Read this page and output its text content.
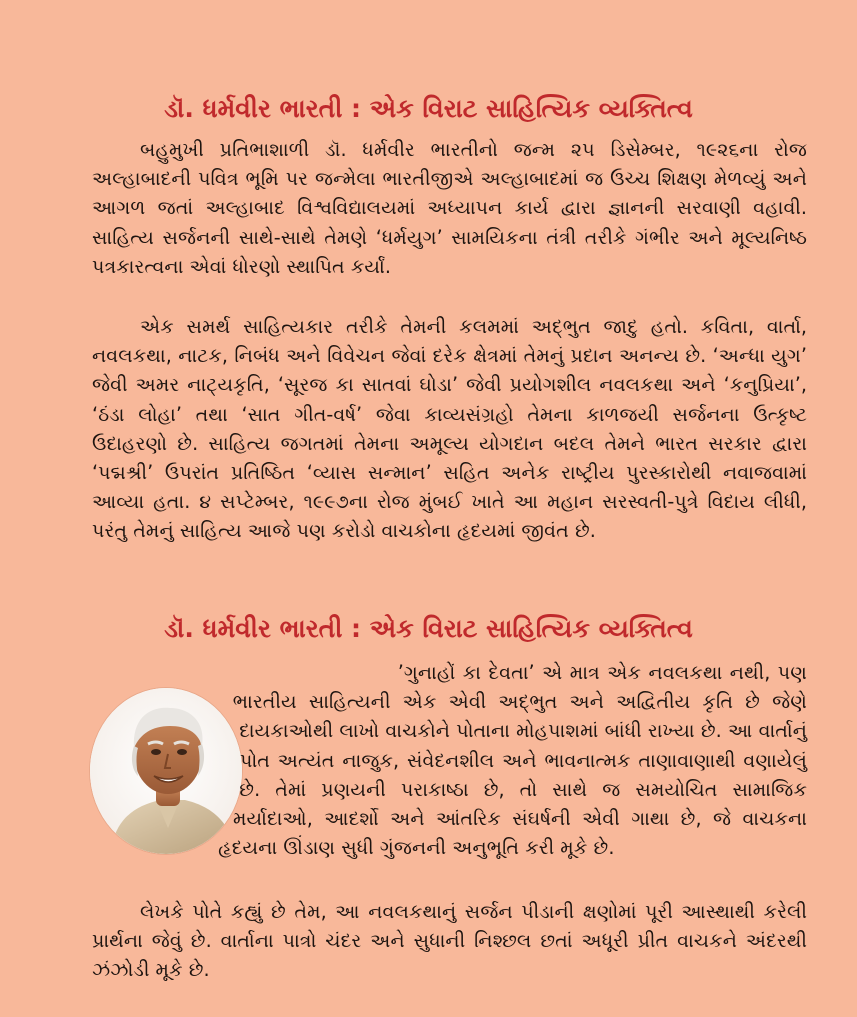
ડૉ. ધર્મવીર ભારતી : એક વિરાટ સાહિત્યિક વ્યક્તિત્વ

બહુમુખી પ્રતિભાશાળી ડૉ. ધર્મવીર ભારતીનો જન્મ ૨૫ ડિસેમ્બર, ૧૯૨૬ના રોજ અલ્હાબાદની પવિત્ર ભૂમિ પર જન્મેલા ભારતીજીએ અલ્હાબાદમાં જ ઉચ્ચ શિક્ષણ મેળવ્યું અને આગળ જતાં અલ્હાબાદ વિશ્વવિદ્યાલયમાં અધ્યાપન કાર્ય દ્વારા જ્ઞાનની સરવાણી વહાવી. સાહિત્ય સર્જનની સાથે-સાથે તેમણે ‘ધર્મયુગ’ સામયિકના તંત્રી તરીકે ગંભીર અને મૂલ્યનિષ્ઠ પત્રકારત્વના એવાં ધોરણો સ્થાપિત કર્યાં.

એક સમર્થ સાહિત્યકાર તરીકે તેમની કલમમાં અદ્‌ભુત જાદુ હતો. કવિતા, વાર્તા, નવલકથા, નાટક, નિબંધ અને વિવેચન જેવાં દરેક ક્ષેત્રમાં તેમનું પ્રદાન અનન્ય છે. ‘અન્ધા યુગ’ જેવી અમર નાટ્યકૃતિ, ‘સૂરજ કા સાતવાં ઘોડા’ જેવી પ્રયોગશીલ નવલકથા અને ‘કનુપ્રિયા’, ‘ઠંડા લોહા’ તથા ‘સાત ગીત-વર્ષ’ જેવા કાવ્યસંગ્રહો તેમના કાળજયી સર્જનના ઉત્કૃષ્ટ ઉદાહરણો છે. સાહિત્ય જગતમાં તેમના અમૂલ્ય યોગદાન બદલ તેમને ભારત સરકાર દ્વારા ‘પદ્મશ્રી’ ઉપરાંત પ્રતિષ્ઠિત ‘વ્યાસ સન્માન’ સહિત અનેક રાષ્ટ્રીય પુરસ્કારોથી નવાજવામાં આવ્યા હતા. ૪ સપ્ટેમ્બર, ૧૯૯૭ના રોજ મુંબઈ ખાતે આ મહાન સરસ્વતી-પુત્રે વિદાય લીધી, પરંતુ તેમનું સાહિત્ય આજે પણ કરોડો વાચકોના હૃદયમાં જીવંત છે.

ડૉ. ધર્મવીર ભારતી : એક વિરાટ સાહિત્યિક વ્યક્તિત્વ

’ગુનાહોં કા દેવતા’ એ માત્ર એક નવલકથા નથી, પણ ભારતીય સાહિત્યની એક એવી અદ્‌ભુત અને અદ્વિતીય કૃતિ છે જેણે દાયકાઓથી લાખો વાચકોને પોતાના મોહપાશમાં બાંધી રાખ્યા છે. આ વાર્તાનું પોત અત્યંત નાજુક, સંવેદનશીલ અને ભાવનાત્મક તાણાવાણાથી વણાયેલું છે. તેમાં પ્રણયની પરાકાષ્ઠા છે, તો સાથે જ સમયોચિત સામાજિક મર્યાદાઓ, આદર્શો અને આંતરિક સંઘર્ષની એવી ગાથા છે, જે વાચકના હૃદયના ઊંડાણ સુધી ગુંજનની અનુભૂતિ કરી મૂકે છે.

લેખકે પોતે કહ્યું છે તેમ, આ નવલકથાનું સર્જન પીડાની ક્ષણોમાં પૂરી આસ્થાથી કરેલી પ્રાર્થના જેવું છે. વાર્તાના પાત્રો ચંદર અને સુધાની નિશ્છલ છતાં અધૂરી પ્રીત વાચકને અંદરથી ઝંઝોડી મૂકે છે.
